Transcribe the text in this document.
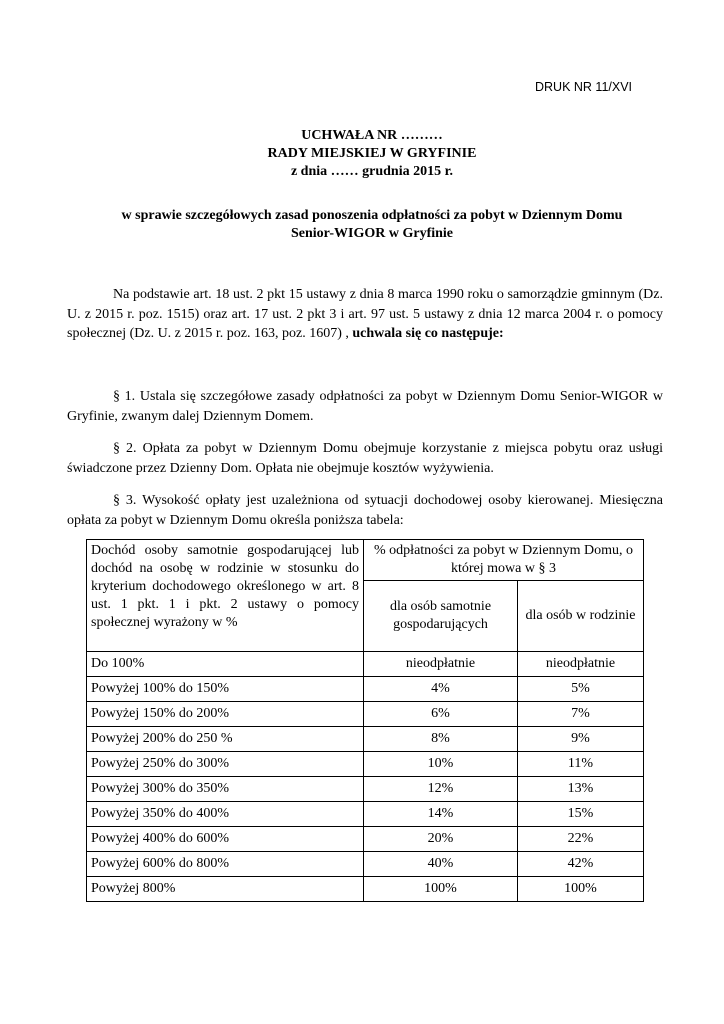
DRUK NR 11/XVI
UCHWAŁA NR ………
RADY MIEJSKIEJ W GRYFINIE
z dnia …… grudnia 2015 r.
w sprawie szczegółowych zasad ponoszenia odpłatności za pobyt w Dziennym Domu
Senior-WIGOR w Gryfinie
Na podstawie art. 18 ust. 2 pkt 15 ustawy z dnia 8 marca 1990 roku o samorządzie gminnym (Dz. U. z 2015 r. poz. 1515) oraz art. 17 ust. 2 pkt 3 i art. 97 ust. 5 ustawy z dnia 12 marca 2004 r. o pomocy społecznej (Dz. U. z 2015 r. poz. 163, poz. 1607) , uchwala się co następuje:
§ 1. Ustala się szczegółowe zasady odpłatności za pobyt w Dziennym Domu Senior-WIGOR w Gryfinie, zwanym dalej Dziennym Domem.
§ 2. Opłata za pobyt w Dziennym Domu obejmuje korzystanie z miejsca pobytu oraz usługi świadczone przez Dzienny Dom. Opłata nie obejmuje kosztów wyżywienia.
§ 3. Wysokość opłaty jest uzależniona od sytuacji dochodowej osoby kierowanej. Miesięczna opłata za pobyt w Dziennym Domu określa poniższa tabela:
Dochód osoby samotnie gospodarującej lub dochód na osobę w rodzinie w stosunku do kryterium dochodowego określonego w art. 8 ust. 1 pkt. 1 i pkt. 2 ustawy o pomocy społecznej wyrażony w %	% odpłatności za pobyt w Dziennym Domu, o której mowa w § 3	
	dla osób samotnie gospodarujących	dla osób w rodzinie
Do 100%	nieodpłatnie	nieodpłatnie
Powyżej 100% do 150%	4%	5%
Powyżej 150% do 200%	6%	7%
Powyżej 200% do 250 %	8%	9%
Powyżej 250% do 300%	10%	11%
Powyżej 300% do 350%	12%	13%
Powyżej 350% do 400%	14%	15%
Powyżej 400% do 600%	20%	22%
Powyżej 600% do 800%	40%	42%
Powyżej 800%	100%	100%
